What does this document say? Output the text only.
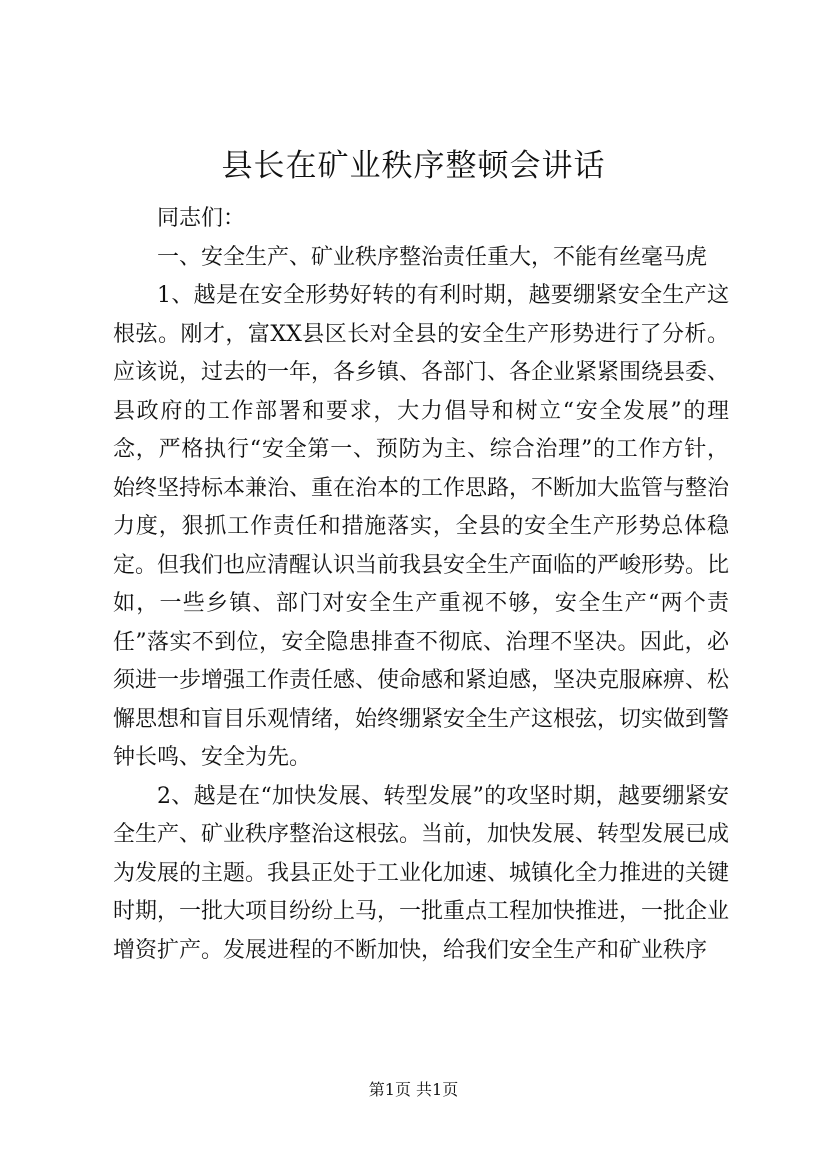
县长在矿业秩序整顿会讲话

同志们：

一、安全生产、矿业秩序整治责任重大，不能有丝毫马虎

1、越是在安全形势好转的有利时期，越要绷紧安全生产这根弦。刚才，富XX县区长对全县的安全生产形势进行了分析。应该说，过去的一年，各乡镇、各部门、各企业紧紧围绕县委、县政府的工作部署和要求，大力倡导和树立“安全发展”的理念，严格执行“安全第一、预防为主、综合治理”的工作方针，始终坚持标本兼治、重在治本的工作思路，不断加大监管与整治力度，狠抓工作责任和措施落实，全县的安全生产形势总体稳定。但我们也应清醒认识当前我县安全生产面临的严峻形势。比如，一些乡镇、部门对安全生产重视不够，安全生产“两个责任”落实不到位，安全隐患排查不彻底、治理不坚决。因此，必须进一步增强工作责任感、使命感和紧迫感，坚决克服麻痹、松懈思想和盲目乐观情绪，始终绷紧安全生产这根弦，切实做到警钟长鸣、安全为先。

2、越是在“加快发展、转型发展”的攻坚时期，越要绷紧安全生产、矿业秩序整治这根弦。当前，加快发展、转型发展已成为发展的主题。我县正处于工业化加速、城镇化全力推进的关键时期，一批大项目纷纷上马，一批重点工程加快推进，一批企业增资扩产。发展进程的不断加快，给我们安全生产和矿业秩序

第1页 共1页
